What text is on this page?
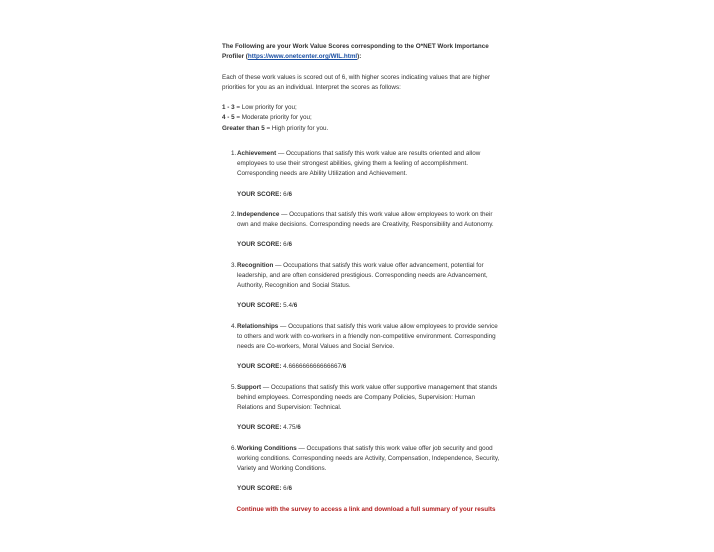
The Following are your Work Value Scores corresponding to the O*NET Work Importance Profiler (https://www.onetcenter.org/WIL.html):

Each of these work values is scored out of 6, with higher scores indicating values that are higher priorities for you as an individual. Interpret the scores as follows:

1 - 3 = Low priority for you;
4 - 5 = Moderate priority for you;
Greater than 5 = High priority for you.
1. Achievement — Occupations that satisfy this work value are results oriented and allow employees to use their strongest abilities, giving them a feeling of accomplishment. Corresponding needs are Ability Utilization and Achievement.
YOUR SCORE: 6/6
2. Independence — Occupations that satisfy this work value allow employees to work on their own and make decisions. Corresponding needs are Creativity, Responsibility and Autonomy.
YOUR SCORE: 6/6
3. Recognition — Occupations that satisfy this work value offer advancement, potential for leadership, and are often considered prestigious. Corresponding needs are Advancement, Authority, Recognition and Social Status.
YOUR SCORE: 5.4/6
4. Relationships — Occupations that satisfy this work value allow employees to provide service to others and work with co-workers in a friendly non-competitive environment. Corresponding needs are Co-workers, Moral Values and Social Service.
YOUR SCORE: 4.666666666666667/6
5. Support — Occupations that satisfy this work value offer supportive management that stands behind employees. Corresponding needs are Company Policies, Supervision: Human Relations and Supervision: Technical.
YOUR SCORE: 4.75/6
6. Working Conditions — Occupations that satisfy this work value offer job security and good working conditions. Corresponding needs are Activity, Compensation, Independence, Security, Variety and Working Conditions.
YOUR SCORE: 6/6
Continue with the survey to access a link and download a full summary of your results
